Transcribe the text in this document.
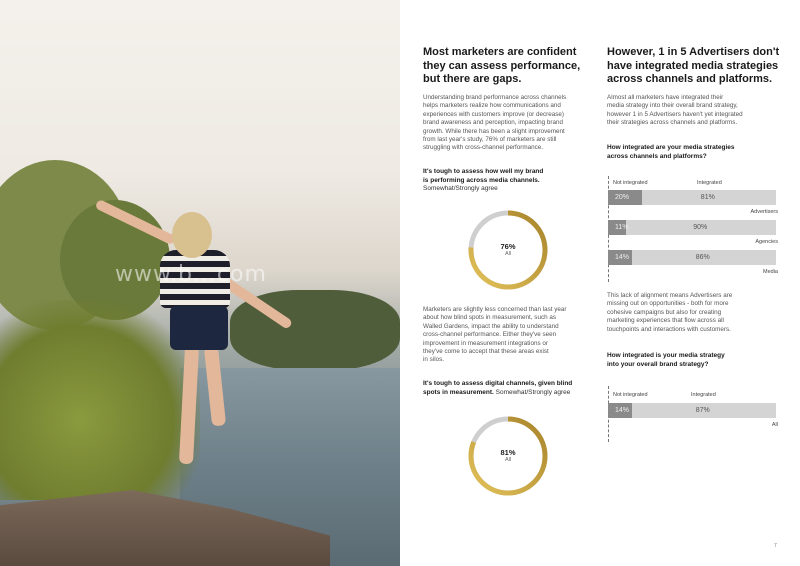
www.b...com
Most marketers are confident
they can assess performance,
but there are gaps.
Understanding brand performance across channels
helps marketers realize how communications and
experiences with customers improve (or decrease)
brand awareness and perception, impacting brand
growth. While there has been a slight improvement
from last year's study, 76% of marketers are still
struggling with cross-channel performance.
It's tough to assess how well my brand
is performing across media channels.
Somewhat/Strongly agree
76%
All
Marketers are slightly less concerned than last year
about how blind spots in measurement, such as
Walled Gardens, impact the ability to understand
cross-channel performance. Either they've seen
improvement in measurement integrations or
they've come to accept that these areas exist
in silos.
It's tough to assess digital channels, given blind
spots in measurement. Somewhat/Strongly agree
81%
All
However, 1 in 5 Advertisers don't
have integrated media strategies
across channels and platforms.
Almost all marketers have integrated their
media strategy into their overall brand strategy,
however 1 in 5 Advertisers haven't yet integrated
their strategies across channels and platforms.
How integrated are your media strategies
across channels and platforms?
Not integrated	Integrated
20%	81%
Advertisers
11%	90%
Agencies
14%	86%
Media
This lack of alignment means Advertisers are
missing out on opportunities - both for more
cohesive campaigns but also for creating
marketing experiences that flow across all
touchpoints and interactions with customers.
How integrated is your media strategy
into your overall brand strategy?
Not integrated	Integrated
14%	87%
All
7
